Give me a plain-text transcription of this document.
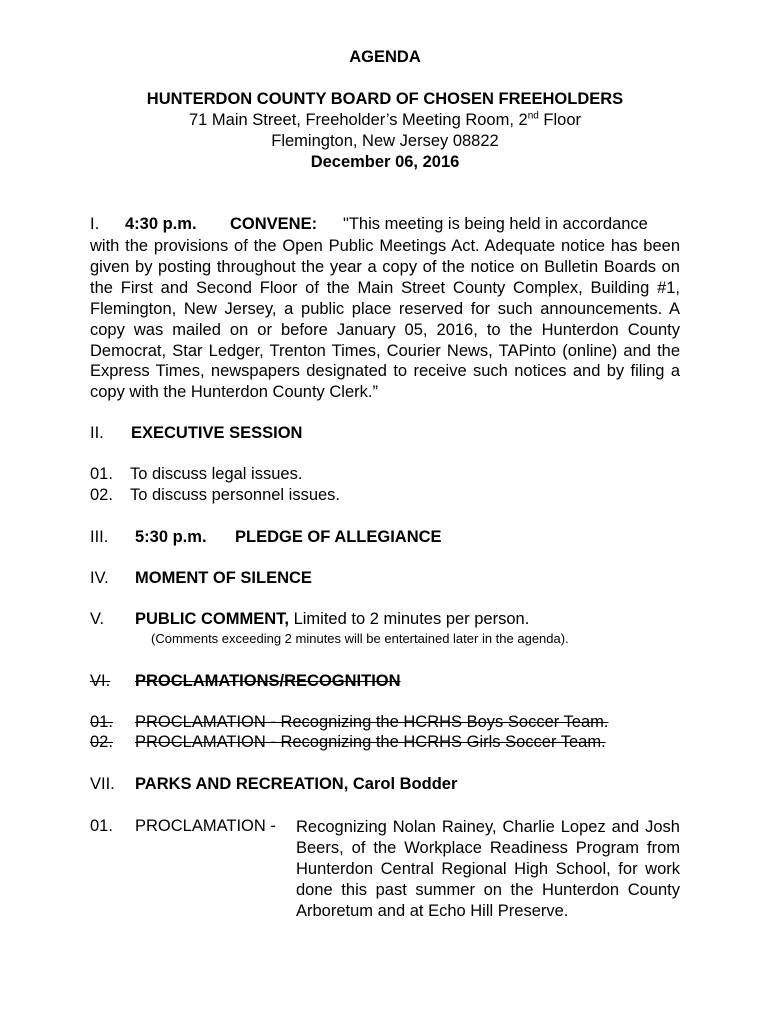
AGENDA
HUNTERDON COUNTY BOARD OF CHOSEN FREEHOLDERS
71 Main Street, Freeholder’s Meeting Room, 2nd Floor
Flemington, New Jersey 08822
December 06, 2016
I. 4:30 p.m. CONVENE: "This meeting is being held in accordance
with the provisions of the Open Public Meetings Act. Adequate notice has been given by posting throughout the year a copy of the notice on Bulletin Boards on the First and Second Floor of the Main Street County Complex, Building #1, Flemington, New Jersey, a public place reserved for such announcements. A copy was mailed on or before January 05, 2016, to the Hunterdon County Democrat, Star Ledger, Trenton Times, Courier News, TAPinto (online) and the Express Times, newspapers designated to receive such notices and by filing a copy with the Hunterdon County Clerk.”
II. EXECUTIVE SESSION
01. To discuss legal issues.
02. To discuss personnel issues.
III. 5:30 p.m. PLEDGE OF ALLEGIANCE
IV. MOMENT OF SILENCE
V. PUBLIC COMMENT, Limited to 2 minutes per person.
(Comments exceeding 2 minutes will be entertained later in the agenda).
VI. PROCLAMATIONS/RECOGNITION
01. PROCLAMATION - Recognizing the HCRHS Boys Soccer Team.
02. PROCLAMATION - Recognizing the HCRHS Girls Soccer Team.
VII. PARKS AND RECREATION, Carol Bodder
01. PROCLAMATION - Recognizing Nolan Rainey, Charlie Lopez and Josh Beers, of the Workplace Readiness Program from Hunterdon Central Regional High School, for work done this past summer on the Hunterdon County Arboretum and at Echo Hill Preserve.
